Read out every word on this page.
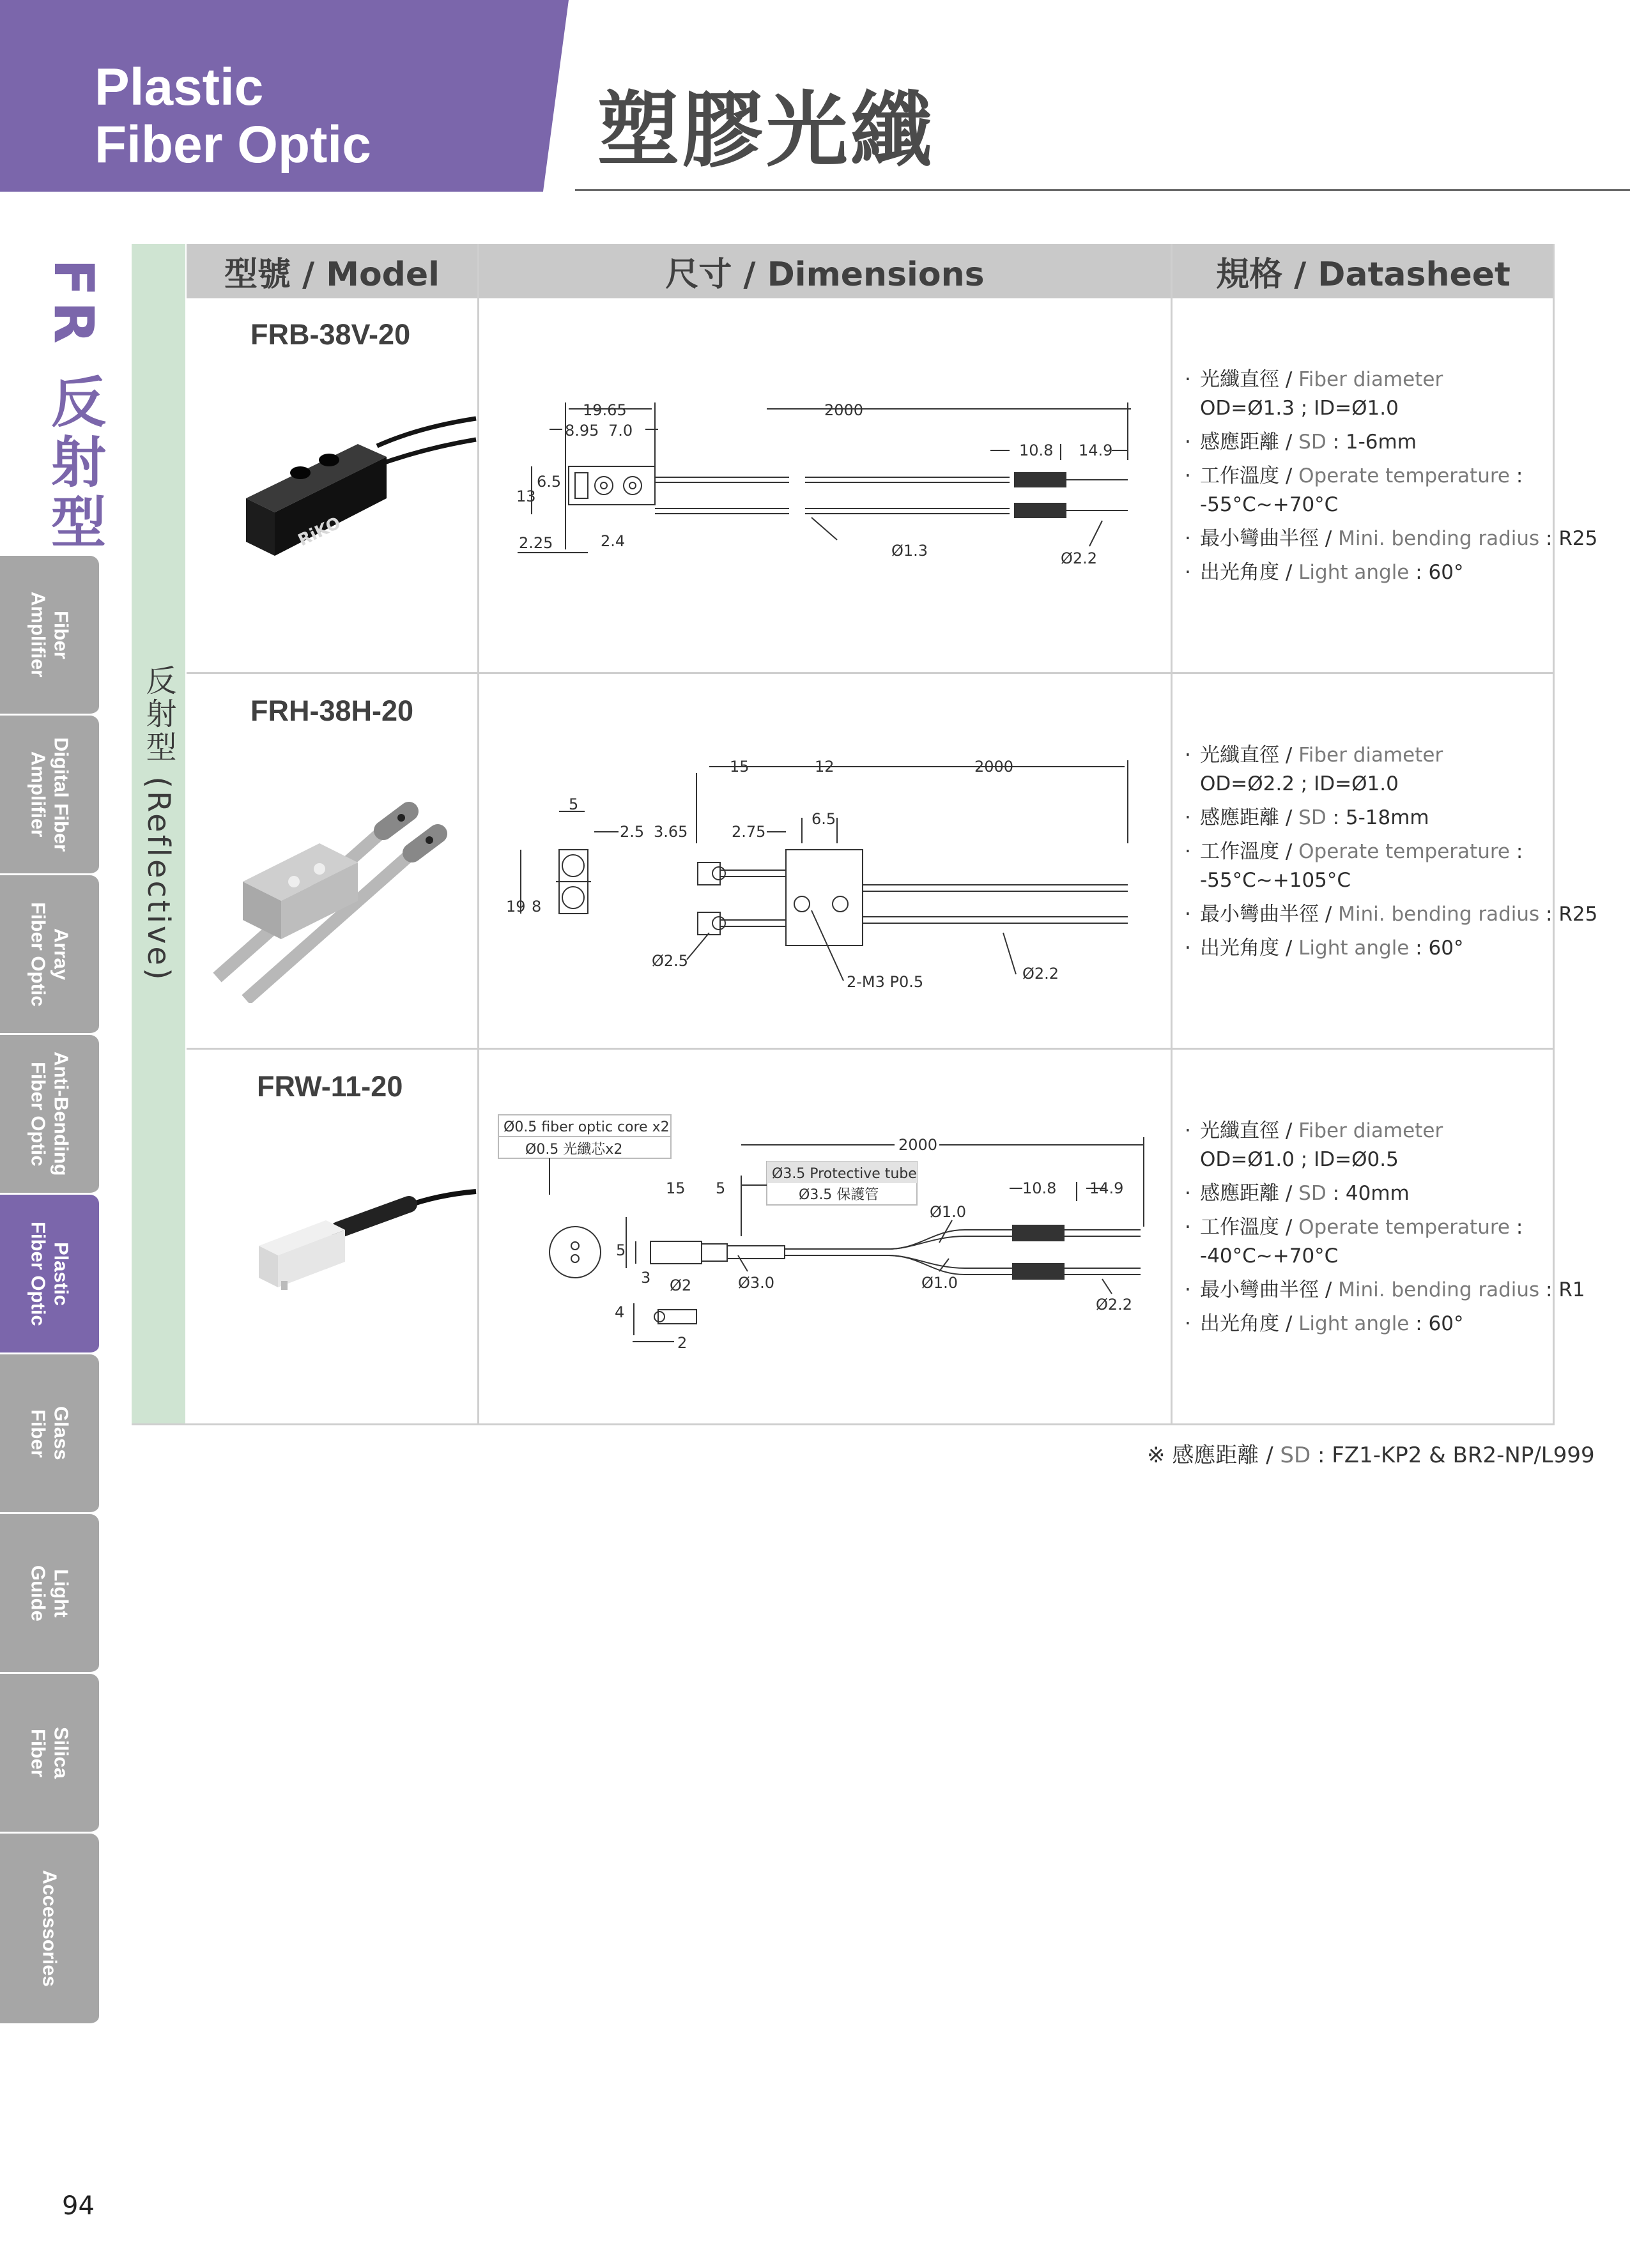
Plastic
Fiber Optic	塑膠光纖
FR 反射型
Fiber
Amplifier
Digital Fiber
Amplifier
Array
Fiber Optic
Anti-Bending
Fiber Optic
Plastic
Fiber Optic
Glass
Fiber
Light
Guide
Silica
Fiber
Accessories
反射型 (Reflective)
型號 / Model	尺寸 / Dimensions	規格 / Datasheet
FRB-38V-20
RiKO
19.65	2000
8.95 7.0
10.8 14.9
6.5
13
2.25	2.4
Ø1.3	Ø2.2
· 光纖直徑 / Fiber diameter
OD=Ø1.3 ; ID=Ø1.0
· 感應距離 / SD : 1-6mm
· 工作溫度 / Operate temperature :
-55°C~+70°C
· 最小彎曲半徑 / Mini. bending radius : R25
· 出光角度 / Light angle : 60°
FRH-38H-20
5
2.5 3.65
19 8
15	12	2000
2.75
6.5
Ø2.5
2-M3 P0.5	Ø2.2
· 光纖直徑 / Fiber diameter
OD=Ø2.2 ; ID=Ø1.0
· 感應距離 / SD : 5-18mm
· 工作溫度 / Operate temperature :
-55°C~+105°C
· 最小彎曲半徑 / Mini. bending radius : R25
· 出光角度 / Light angle : 60°
FRW-11-20
Ø0.5 fiber optic core x2
Ø0.5 光纖芯x2
Ø3.5 Protective tube
Ø3.5 保護管
2000
15 5	10.8 14.9
Ø1.0
5
3 Ø2	Ø3.0	Ø1.0
Ø2.2
4
2
· 光纖直徑 / Fiber diameter
OD=Ø1.0 ; ID=Ø0.5
· 感應距離 / SD : 40mm
· 工作溫度 / Operate temperature :
-40°C~+70°C
· 最小彎曲半徑 / Mini. bending radius : R1
· 出光角度 / Light angle : 60°
※ 感應距離 / SD : FZ1-KP2 & BR2-NP/L999
94
